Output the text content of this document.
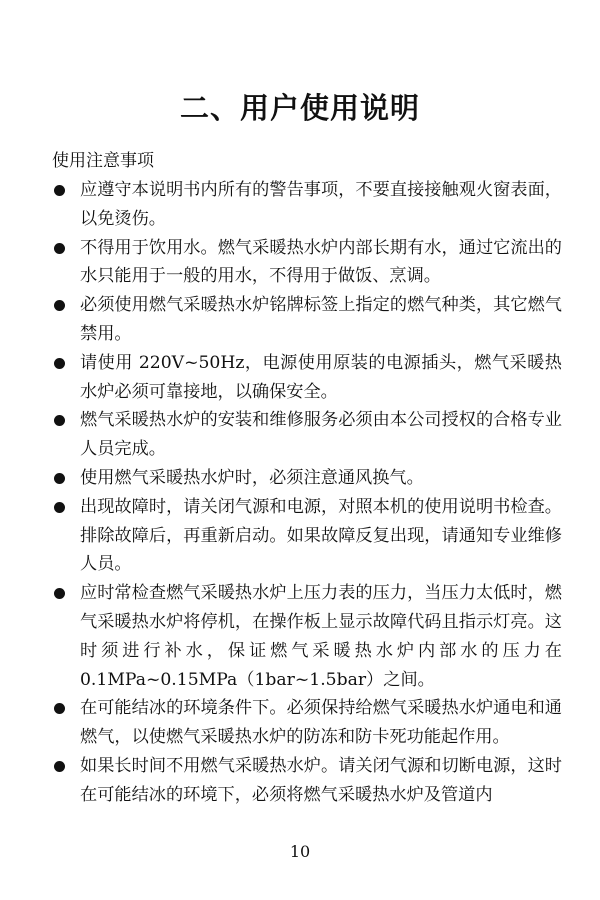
二、用户使用说明
使用注意事项
应遵守本说明书内所有的警告事项，不要直接接触观火窗表面，以免烫伤。
不得用于饮用水。燃气采暖热水炉内部长期有水，通过它流出的水只能用于一般的用水，不得用于做饭、烹调。
必须使用燃气采暖热水炉铭牌标签上指定的燃气种类，其它燃气禁用。
请使用 220V~50Hz，电源使用原装的电源插头，燃气采暖热水炉必须可靠接地，以确保安全。
燃气采暖热水炉的安装和维修服务必须由本公司授权的合格专业人员完成。
使用燃气采暖热水炉时，必须注意通风换气。
出现故障时，请关闭气源和电源，对照本机的使用说明书检查。排除故障后，再重新启动。如果故障反复出现，请通知专业维修人员。
应时常检查燃气采暖热水炉上压力表的压力，当压力太低时，燃气采暖热水炉将停机，在操作板上显示故障代码且指示灯亮。这时须进行补水，保证燃气采暖热水炉内部水的压力在 0.1MPa~0.15MPa（1bar~1.5bar）之间。
在可能结冰的环境条件下。必须保持给燃气采暖热水炉通电和通燃气，以使燃气采暖热水炉的防冻和防卡死功能起作用。
如果长时间不用燃气采暖热水炉。请关闭气源和切断电源，这时在可能结冰的环境下，必须将燃气采暖热水炉及管道内
10
